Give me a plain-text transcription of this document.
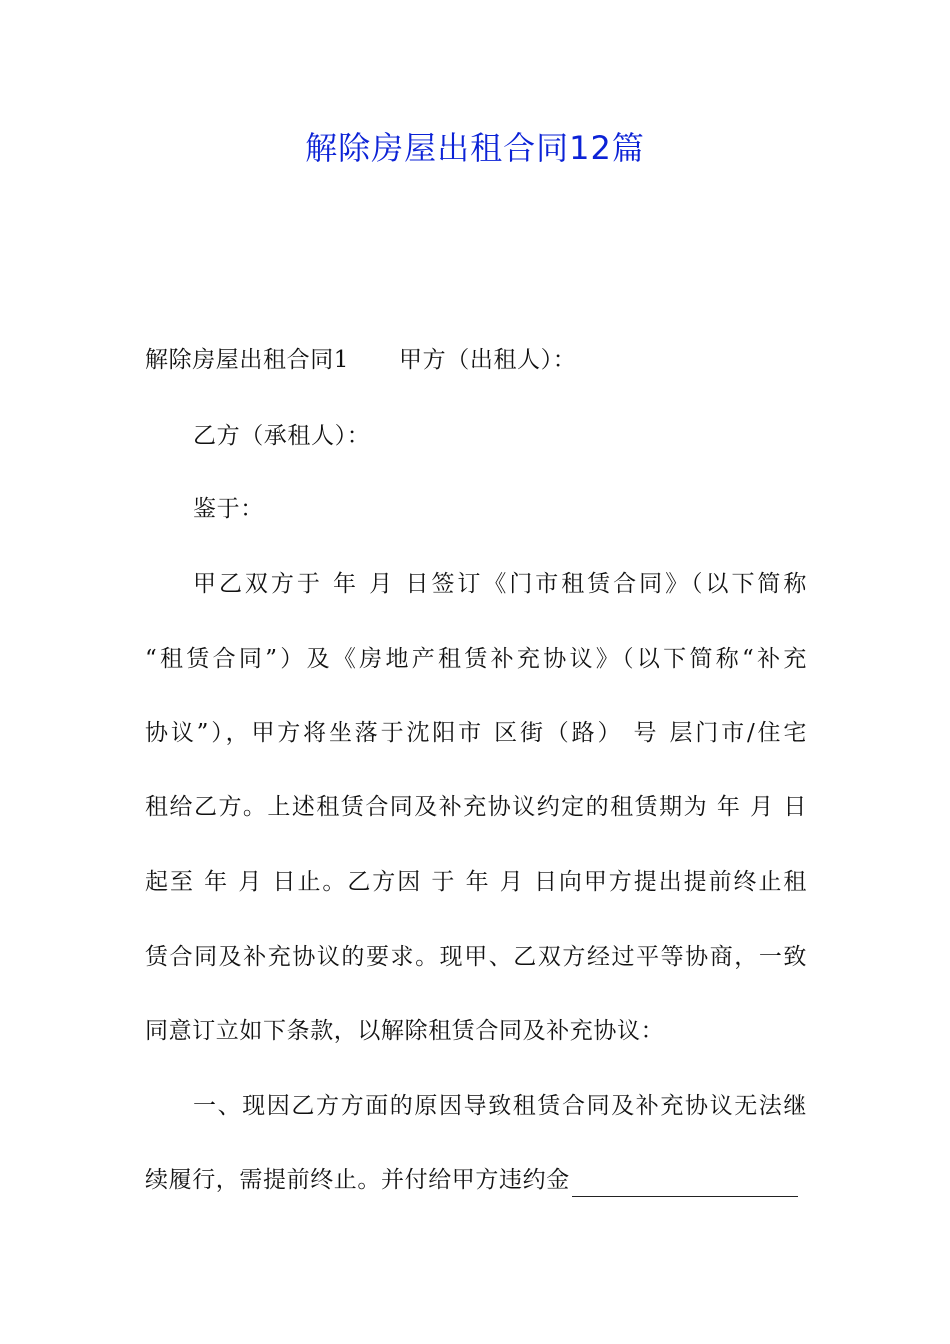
解除房屋出租合同12篇
解除房屋出租合同1 甲方（出租人）：
乙方（承租人）：
鉴于：
甲乙双方于 年 月 日签订《门市租赁合同》（以下简称
“租赁合同”）及《房地产租赁补充协议》（以下简称“补充
协议”），甲方将坐落于沈阳市 区街（路） 号 层门市/住宅
租给乙方。上述租赁合同及补充协议约定的租赁期为 年 月 日
起至 年 月 日止。乙方因 于 年 月 日向甲方提出提前终止租
赁合同及补充协议的要求。现甲、乙双方经过平等协商，一致
同意订立如下条款，以解除租赁合同及补充协议：
一、现因乙方方面的原因导致租赁合同及补充协议无法继
续履行，需提前终止。并付给甲方违约金
